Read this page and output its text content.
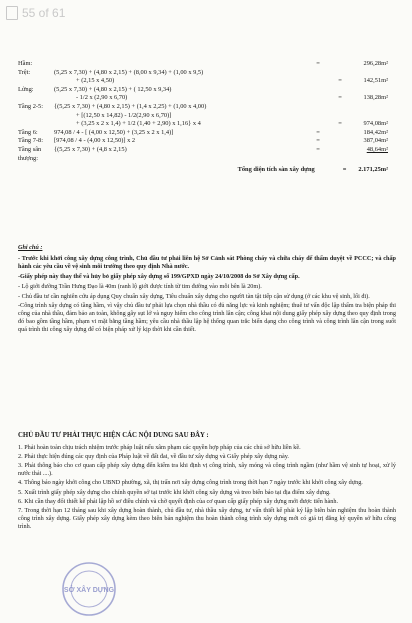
55 of 61
Hầm:	=	296,28m²
Trệt:	(5,25 x 7,30) + (4,80 x 2,15) + (8,00 x 9,34) + (1,00 x 9,5)
+ (2,15 x 4,50)	=	142,51m²
Lửng:	(5,25 x 7,30) + (4,80 x 2,15) + ( 12,50 x 9,34)
- 1/2 x (2,90 x 6,70)	=	138,28m²
Tầng 2-5:	{(5,25 x 7,30) + (4,80 x 2,15) + (1,4 x 2,25) + (1,00 x 4,00)
+ [(12,50 x 14,82) - 1/2(2,90 x 6,70)]
+ (3,25 x 2 x 1,4) + 1/2 (1,40 + 2,90) x 1,16} x 4	=	974,08m²
Tầng 6:	974,08 / 4 - [ (4,00 x 12,50) + (3,25 x 2 x 1,4)]	=	184,42m²
Tầng 7-8:	[974,08 / 4 - (4,00 x 12,50)] x 2	=	387,04m²
Tầng sân thượng:
{(5,25 x 7,30) + (4,8 x 2,15)	=	48,64m²
Tổng diện tích sàn xây dựng	= 2.171,25m²
Ghi chú :

- Trước khi khởi công xây dựng công trình, Chủ đầu tư phải liên hệ Sở Cảnh sát Phòng cháy và chữa cháy để thẩm duyệt về PCCC; và chấp hành các yêu cầu về vệ sinh môi trường theo quy định Nhà nước.

-Giấy phép này thay thế và hủy bỏ giấy phép xây dựng số 199/GPXD ngày 24/10/2008 do Sở Xây dựng cấp.

- Lộ giới đường Trần Hưng Đạo là 40m (ranh lộ giới được tính từ tim đường vào mỗi bên là 20m).

- Chủ đầu tư cần nghiên cứu áp dụng Quy chuẩn xây dựng, Tiêu chuẩn xây dựng cho người tàn tật tiếp cận sử dụng (ở các khu vệ sinh, lối đi).

-Công trình xây dựng có tầng hầm, vì vậy chủ đầu tư phải lựa chọn nhà thầu có đủ năng lực và kinh nghiệm; thuê tư vấn độc lập thẩm tra biện pháp thi công của nhà thầu, đảm bảo an toàn, không gây sụt lở và nguy hiểm cho công trình lân cận; công khai nội dung giấy phép xây dựng theo quy định trong đó bao gồm tầng hầm, phạm vi mặt bằng tầng hầm; yêu cầu nhà thầu lập hệ thống quan trắc biến dạng cho công trình và công trình lân cận trong suốt quá trình thi công xây dựng để có biện pháp xử lý kịp thời khi cần thiết.

CHỦ ĐẦU TƯ PHẢI THỰC HIỆN CÁC NỘI DUNG SAU ĐÂY :

1. Phải hoàn toàn chịu trách nhiệm trước pháp luật nếu xâm phạm các quyền hợp pháp của các chủ sở hữu liền kề.

2. Phải thực hiện đúng các quy định của Pháp luật về đất đai, về đầu tư xây dựng và Giấy phép xây dựng này.

3. Phải thông báo cho cơ quan cấp phép xây dựng đến kiểm tra khi định vị công trình, xây móng và công trình ngầm (như hầm vệ sinh tự hoại, xử lý nước thải ....).

4. Thông báo ngày khởi công cho UBND phường, xã, thị trấn nơi xây dựng công trình trong thời hạn 7 ngày trước khi khởi công xây dựng.

5. Xuất trình giấy phép xây dựng cho chính quyền sở tại trước khi khởi công xây dựng và treo biển báo tại địa điểm xây dựng.

6. Khi cần thay đổi thiết kế phải lập hồ sơ điều chỉnh và chờ quyết định của cơ quan cấp giấy phép xây dựng mới được tiến hành.

7. Trong thời hạn 12 tháng sau khi xây dựng hoàn thành, chủ đầu tư, nhà thầu xây dựng, tư vấn thiết kế phải ký lập biên bản nghiệm thu hoàn thành công trình xây dựng. Giấy phép xây dựng kèm theo biên bản nghiệm thu hoàn thành công trình xây dựng mới có giá trị đăng ký quyền sở hữu công trình.

SỞ XÂY DỰNG
